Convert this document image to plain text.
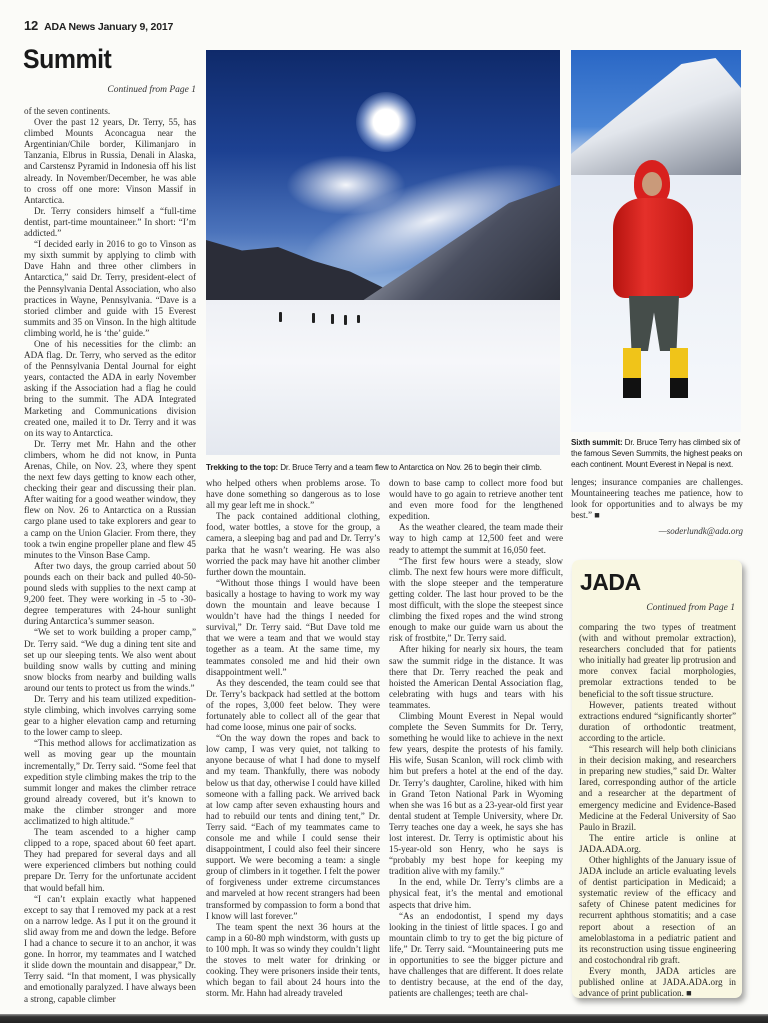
12 ADA News January 9, 2017
Summit
Continued from Page 1
Trekking to the top: Dr. Bruce Terry and a team flew to Antarctica on Nov. 26 to begin their climb.
Sixth summit: Dr. Bruce Terry has climbed six of the famous Seven Summits, the highest peaks on each continent. Mount Everest in Nepal is next.

of the seven continents.

Over the past 12 years, Dr. Terry, 55, has climbed Mounts Aconcagua near the Argentinian/Chile border, Kilimanjaro in Tanzania, Elbrus in Russia, Denali in Alaska, and Carstensz Pyramid in Indonesia off his list already. In November/December, he was able to cross off one more: Vinson Massif in Antarctica.

Dr. Terry considers himself a “full-time dentist, part-time mountaineer.” In short: “I’m addicted.”

“I decided early in 2016 to go to Vinson as my sixth summit by applying to climb with Dave Hahn and three other climbers in Antarctica,” said Dr. Terry, president-elect of the Pennsylvania Dental Association, who also practices in Wayne, Pennsylvania. “Dave is a storied climber and guide with 15 Everest summits and 35 on Vinson. In the high altitude climbing world, he is ‘the’ guide.”

One of his necessities for the climb: an ADA flag. Dr. Terry, who served as the editor of the Pennsylvania Dental Journal for eight years, contacted the ADA in early November asking if the Association had a flag he could bring to the summit. The ADA Integrated Marketing and Communications division created one, mailed it to Dr. Terry and it was on its way to Antarctica.

Dr. Terry met Mr. Hahn and the other climbers, whom he did not know, in Punta Arenas, Chile, on Nov. 23, where they spent the next few days getting to know each other, checking their gear and discussing their plan. After waiting for a good weather window, they flew on Nov. 26 to Antarctica on a Russian cargo plane used to take explorers and gear to a camp on the Union Glacier. From there, they took a twin engine propeller plane and flew 45 minutes to the Vinson Base Camp.

After two days, the group carried about 50 pounds each on their back and pulled 40-50-pound sleds with supplies to the next camp at 9,200 feet. They were working in -5 to -30-degree temperatures with 24-hour sunlight during Antarctica’s summer season.

“We set to work building a proper camp,” Dr. Terry said. “We dug a dining tent site and set up our sleeping tents. We also went about building snow walls by cutting and mining snow blocks from nearby and building walls around our tents to protect us from the winds.”

Dr. Terry and his team utilized expedition-style climbing, which involves carrying some gear to a higher elevation camp and returning to the lower camp to sleep.

“This method allows for acclimatization as well as moving gear up the mountain incrementally,” Dr. Terry said. “Some feel that expedition style climbing makes the trip to the summit longer and makes the climber retrace ground already covered, but it’s known to make the climber stronger and more acclimatized to high altitude.”

The team ascended to a higher camp clipped to a rope, spaced about 60 feet apart. They had prepared for several days and all were experienced climbers but nothing could prepare Dr. Terry for the unfortunate accident that would befall him.

“I can’t explain exactly what happened except to say that I removed my pack at a rest on a narrow ledge. As I put it on the ground it slid away from me and down the ledge. Before I had a chance to secure it to an anchor, it was gone. In horror, my teammates and I watched it slide down the mountain and disappear,” Dr. Terry said. “In that moment, I was physically and emotionally paralyzed. I have always been a strong, capable climber

who helped others when problems arose. To have done something so dangerous as to lose all my gear left me in shock.”

The pack contained additional clothing, food, water bottles, a stove for the group, a camera, a sleeping bag and pad and Dr. Terry’s parka that he wasn’t wearing. He was also worried the pack may have hit another climber further down the mountain.

“Without those things I would have been basically a hostage to having to work my way down the mountain and leave because I wouldn’t have had the things I needed for survival,” Dr. Terry said. “But Dave told me that we were a team and that we would stay together as a team. At the same time, my teammates consoled me and hid their own disappointment well.”

As they descended, the team could see that Dr. Terry’s backpack had settled at the bottom of the ropes, 3,000 feet below. They were fortunately able to collect all of the gear that had come loose, minus one pair of socks.

“On the way down the ropes and back to low camp, I was very quiet, not talking to anyone because of what I had done to myself and my team. Thankfully, there was nobody below us that day, otherwise I could have killed someone with a falling pack. We arrived back at low camp after seven exhausting hours and had to rebuild our tents and dining tent,” Dr. Terry said. “Each of my teammates came to console me and while I could sense their disappointment, I could also feel their sincere support. We were becoming a team: a single group of climbers in it together. I felt the power of forgiveness under extreme circumstances and marveled at how recent strangers had been transformed by compassion to form a bond that I know will last forever.”

The team spent the next 36 hours at the camp in a 60-80 mph windstorm, with gusts up to 100 mph. It was so windy they couldn’t light the stoves to melt water for drinking or cooking. They were prisoners inside their tents, which began to fail about 24 hours into the storm. Mr. Hahn had already traveled

down to base camp to collect more food but would have to go again to retrieve another tent and even more food for the lengthened expedition.

As the weather cleared, the team made their way to high camp at 12,500 feet and were ready to attempt the summit at 16,050 feet.

“The first few hours were a steady, slow climb. The next few hours were more difficult, with the slope steeper and the temperature getting colder. The last hour proved to be the most difficult, with the slope the steepest since climbing the fixed ropes and the wind strong enough to make our guide warn us about the risk of frostbite,” Dr. Terry said.

After hiking for nearly six hours, the team saw the summit ridge in the distance. It was there that Dr. Terry reached the peak and hoisted the American Dental Association flag, celebrating with hugs and tears with his teammates.

Climbing Mount Everest in Nepal would complete the Seven Summits for Dr. Terry, something he would like to achieve in the next few years, despite the protests of his family. His wife, Susan Scanlon, will rock climb with him but prefers a hotel at the end of the day. Dr. Terry’s daughter, Caroline, hiked with him in Grand Teton National Park in Wyoming when she was 16 but as a 23-year-old first year dental student at Temple University, where Dr. Terry teaches one day a week, he says she has lost interest. Dr. Terry is optimistic about his 15-year-old son Henry, who he says is “probably my best hope for keeping my tradition alive with my family.”

In the end, while Dr. Terry’s climbs are a physical feat, it’s the mental and emotional aspects that drive him.

“As an endodontist, I spend my days looking in the tiniest of little spaces. I go and mountain climb to try to get the big picture of life,” Dr. Terry said. “Mountaineering puts me in opportunities to see the bigger picture and have challenges that are different. It does relate to dentistry because, at the end of the day, patients are challenges; teeth are chal-

lenges; insurance companies are challenges. Mountaineering teaches me patience, how to look for opportunities and to always be my best.” ■

—soderlundk@ada.org
JADA
Continued from Page 1

comparing the two types of treatment (with and without premolar extraction), researchers concluded that for patients who initially had greater lip protrusion and more convex facial morphologies, premolar extractions tended to be beneficial to the soft tissue structure.

However, patients treated without extractions endured “significantly shorter” duration of orthodontic treatment, according to the article.

“This research will help both clinicians in their decision making, and researchers in preparing new studies,” said Dr. Walter Iared, corresponding author of the article and a researcher at the department of emergency medicine and Evidence-Based Medicine at the Federal University of Sao Paulo in Brazil.

The entire article is online at JADA.ADA.org.

Other highlights of the January issue of JADA include an article evaluating levels of dentist participation in Medicaid; a systematic review of the efficacy and safety of Chinese patent medicines for recurrent aphthous stomatitis; and a case report about a resection of an ameloblastoma in a pediatric patient and its reconstruction using tissue engineering and costochondral rib graft.

Every month, JADA articles are published online at JADA.ADA.org in advance of print publication. ■
